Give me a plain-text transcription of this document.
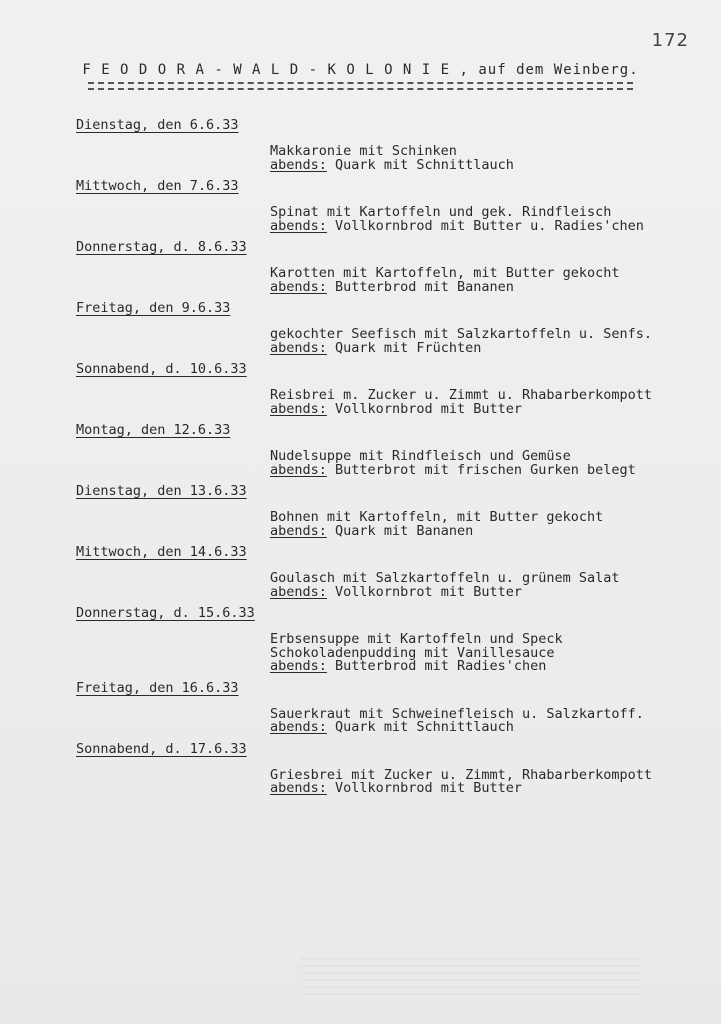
172
F E O D O R A - W A L D - K O L O N I E , auf dem Weinberg.
Dienstag, den 6.6.33
Makkaronie mit Schinken
abends: Quark mit Schnittlauch
Mittwoch, den 7.6.33
Spinat mit Kartoffeln und gek. Rindfleisch
abends: Vollkornbrod mit Butter u. Radies'chen
Donnerstag, d. 8.6.33
Karotten mit Kartoffeln, mit Butter gekocht
abends: Butterbrod mit Bananen
Freitag, den 9.6.33
gekochter Seefisch mit Salzkartoffeln u. Senfs.
abends: Quark mit Früchten
Sonnabend, d. 10.6.33
Reisbrei m. Zucker u. Zimmt u. Rhabarberkompott
abends: Vollkornbrod mit Butter
Montag, den 12.6.33
Nudelsuppe mit Rindfleisch und Gemüse
abends: Butterbrot mit frischen Gurken belegt
Dienstag, den 13.6.33
Bohnen mit Kartoffeln, mit Butter gekocht
abends: Quark mit Bananen
Mittwoch, den 14.6.33
Goulasch mit Salzkartoffeln u. grünem Salat
abends: Vollkornbrot mit Butter
Donnerstag, d. 15.6.33
Erbsensuppe mit Kartoffeln und Speck
Schokoladenpudding mit Vanillesauce
abends: Butterbrod mit Radies'chen
Freitag, den 16.6.33
Sauerkraut mit Schweinefleisch u. Salzkartoff.
abends: Quark mit Schnittlauch
Sonnabend, d. 17.6.33
Griesbrei mit Zucker u. Zimmt, Rhabarberkompott
abends: Vollkornbrod mit Butter
